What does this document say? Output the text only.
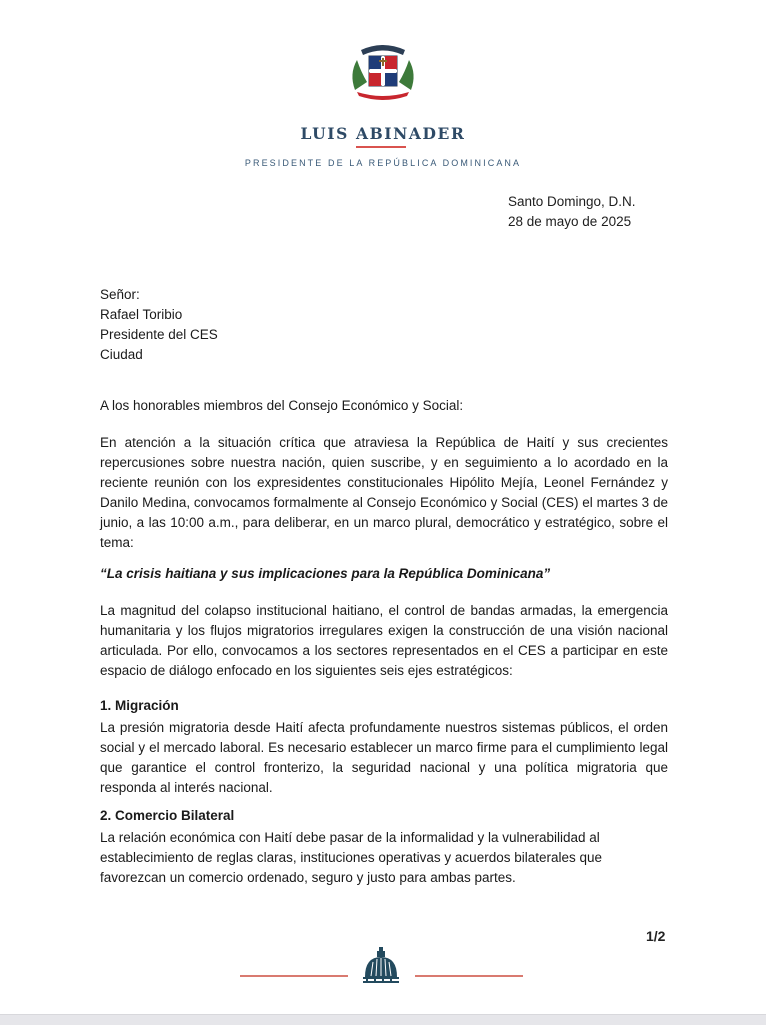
LUIS ABINADER
PRESIDENTE DE LA REPÚBLICA DOMINICANA
Santo Domingo, D.N.
28 de mayo de 2025
Señor:
Rafael Toribio
Presidente del CES
Ciudad
A los honorables miembros del Consejo Económico y Social:
En atención a la situación crítica que atraviesa la República de Haití y sus crecientes repercusiones sobre nuestra nación, quien suscribe, y en seguimiento a lo acordado en la reciente reunión con los expresidentes constitucionales Hipólito Mejía, Leonel Fernández y Danilo Medina, convocamos formalmente al Consejo Económico y Social (CES) el martes 3 de junio, a las 10:00 a.m., para deliberar, en un marco plural, democrático y estratégico, sobre el tema:
“La crisis haitiana y sus implicaciones para la República Dominicana”
La magnitud del colapso institucional haitiano, el control de bandas armadas, la emergencia humanitaria y los flujos migratorios irregulares exigen la construcción de una visión nacional articulada. Por ello, convocamos a los sectores representados en el CES a participar en este espacio de diálogo enfocado en los siguientes seis ejes estratégicos:
1. Migración
La presión migratoria desde Haití afecta profundamente nuestros sistemas públicos, el orden social y el mercado laboral. Es necesario establecer un marco firme para el cumplimiento legal que garantice el control fronterizo, la seguridad nacional y una política migratoria que responda al interés nacional.
2. Comercio Bilateral
La relación económica con Haití debe pasar de la informalidad y la vulnerabilidad al establecimiento de reglas claras, instituciones operativas y acuerdos bilaterales que favorezcan un comercio ordenado, seguro y justo para ambas partes.
1/2
